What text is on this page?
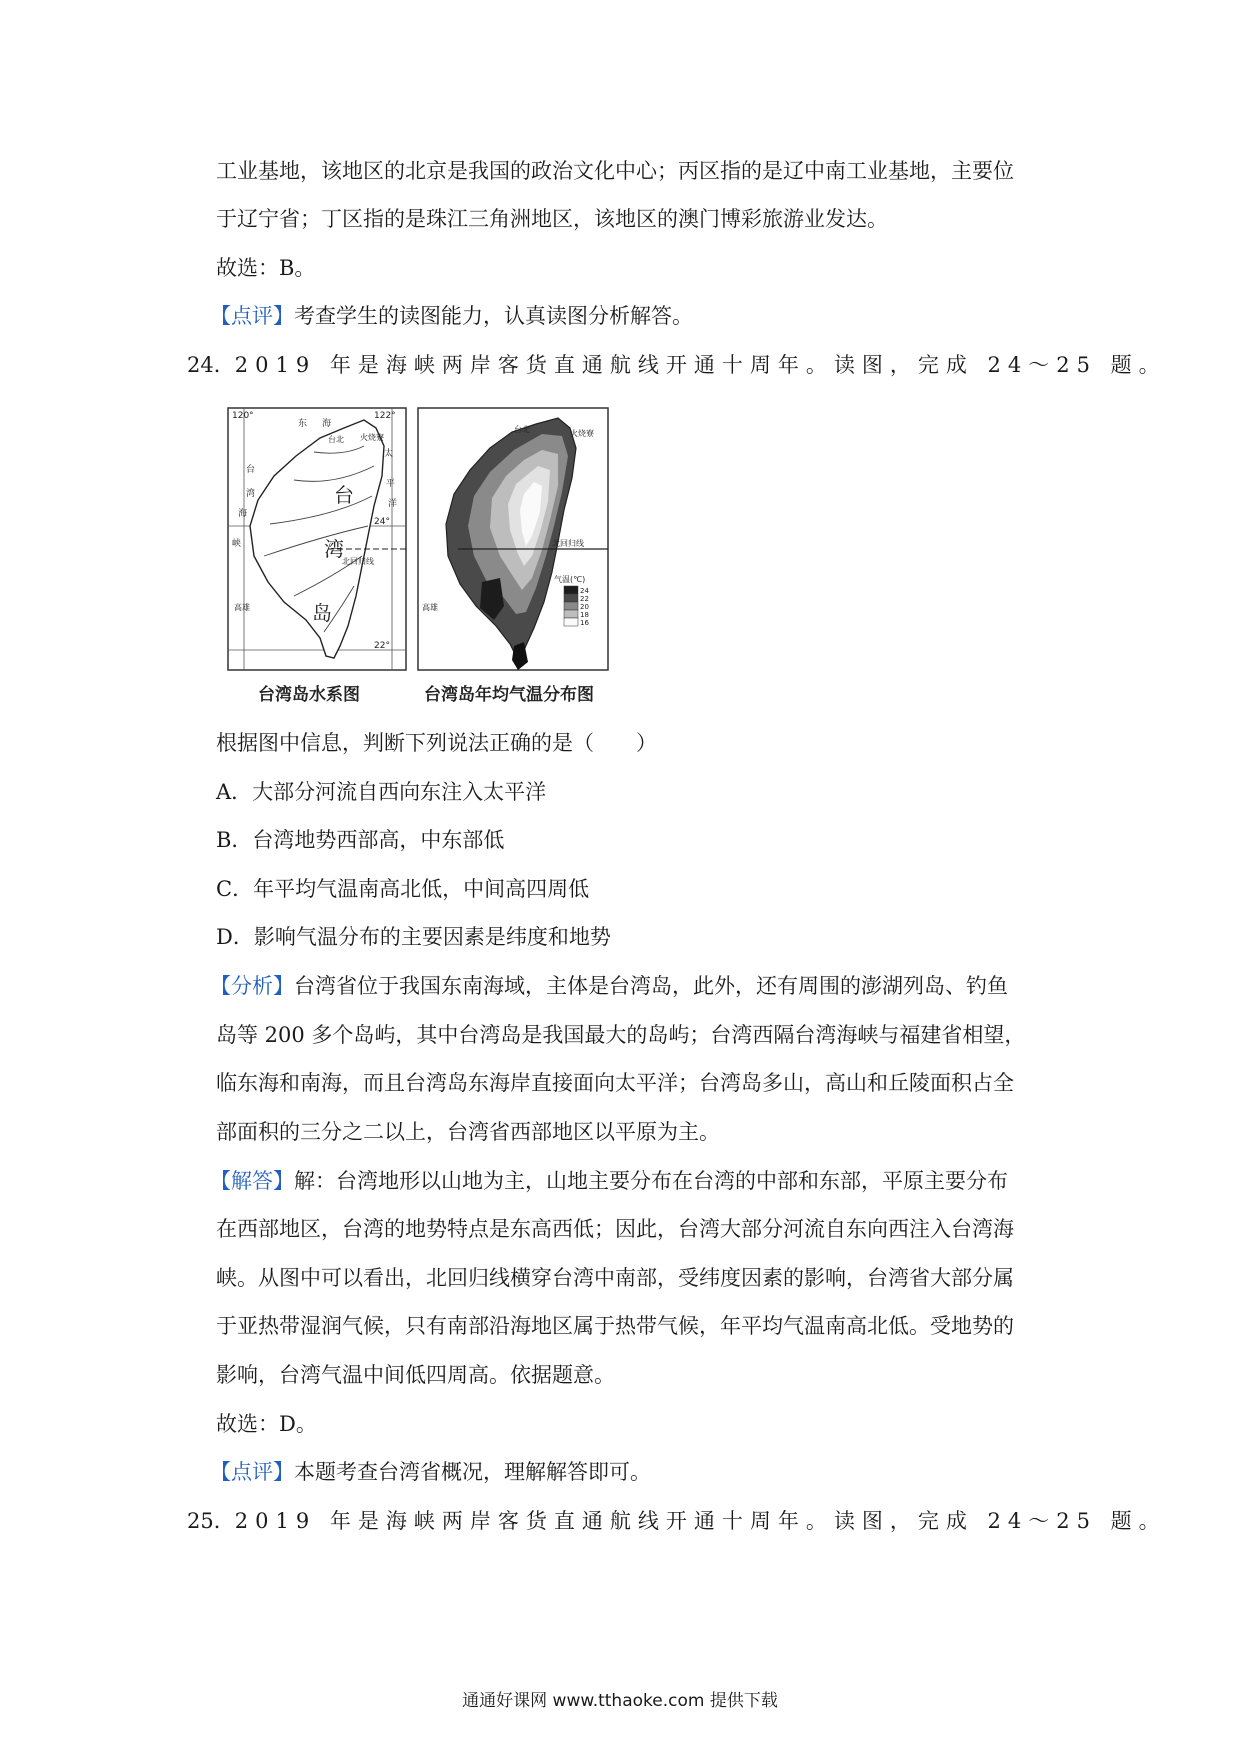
工业基地，该地区的北京是我国的政治文化中心；丙区指的是辽中南工业基地，主要位
于辽宁省；丁区指的是珠江三角洲地区，该地区的澳门博彩旅游业发达。
故选：B。
【点评】考查学生的读图能力，认真读图分析解答。
24．2019 年是海峡两岸客货直通航线开通十周年。读图，完成 24～25 题。
120°	122°
24°
22°
东 海
台
湾
海
峡
太
平
洋
台北 火烧寮
高雄
台
湾
岛
北回归线
台北	火烧寮
高雄
北回归线
气温(℃)
24
22
20
18
16
台湾岛水系图	台湾岛年均气温分布图
根据图中信息，判断下列说法正确的是（　　）
A．大部分河流自西向东注入太平洋
B．台湾地势西部高，中东部低
C．年平均气温南高北低，中间高四周低
D．影响气温分布的主要因素是纬度和地势
【分析】台湾省位于我国东南海域，主体是台湾岛，此外，还有周围的澎湖列岛、钓鱼
岛等 200 多个岛屿，其中台湾岛是我国最大的岛屿；台湾西隔台湾海峡与福建省相望，
临东海和南海，而且台湾岛东海岸直接面向太平洋；台湾岛多山，高山和丘陵面积占全
部面积的三分之二以上，台湾省西部地区以平原为主。
【解答】解：台湾地形以山地为主，山地主要分布在台湾的中部和东部，平原主要分布
在西部地区，台湾的地势特点是东高西低；因此，台湾大部分河流自东向西注入台湾海
峡。从图中可以看出，北回归线横穿台湾中南部，受纬度因素的影响，台湾省大部分属
于亚热带湿润气候，只有南部沿海地区属于热带气候，年平均气温南高北低。受地势的
影响，台湾气温中间低四周高。依据题意。
故选：D。
【点评】本题考查台湾省概况，理解解答即可。
25．2019 年是海峡两岸客货直通航线开通十周年。读图，完成 24～25 题。
通通好课网 www.tthaoke.com 提供下载
